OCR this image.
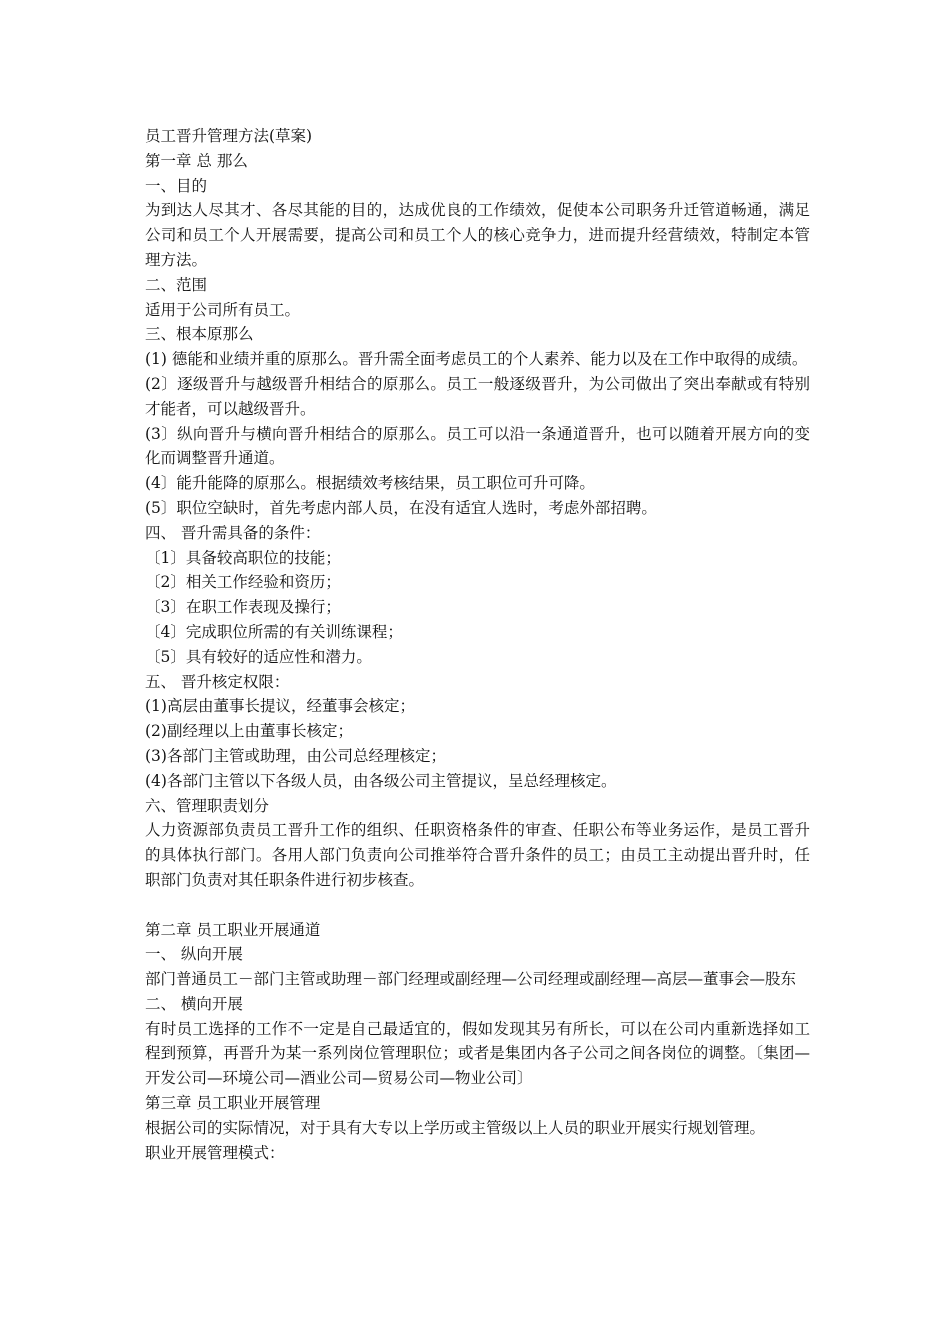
员工晋升管理方法(草案)
第一章 总 那么
一、目的
为到达人尽其才、各尽其能的目的，达成优良的工作绩效，促使本公司职务升迁管道畅通，满足公司和员工个人开展需要，提高公司和员工个人的核心竞争力，进而提升经营绩效，特制定本管理方法。
二、范围
适用于公司所有员工。
三、根本原那么
(1) 德能和业绩并重的原那么。晋升需全面考虑员工的个人素养、能力以及在工作中取得的成绩。
(2〕逐级晋升与越级晋升相结合的原那么。员工一般逐级晋升，为公司做出了突出奉献或有特别才能者，可以越级晋升。
(3〕纵向晋升与横向晋升相结合的原那么。员工可以沿一条通道晋升，也可以随着开展方向的变化而调整晋升通道。
(4〕能升能降的原那么。根据绩效考核结果，员工职位可升可降。
(5〕职位空缺时，首先考虑内部人员，在没有适宜人选时，考虑外部招聘。
四、 晋升需具备的条件：
〔1〕具备较高职位的技能；
〔2〕相关工作经验和资历；
〔3〕在职工作表现及操行；
〔4〕完成职位所需的有关训练课程；
〔5〕具有较好的适应性和潜力。
五、 晋升核定权限：
(1)高层由董事长提议，经董事会核定；
(2)副经理以上由董事长核定；
(3)各部门主管或助理，由公司总经理核定；
(4)各部门主管以下各级人员，由各级公司主管提议，呈总经理核定。
六、管理职责划分
人力资源部负责员工晋升工作的组织、任职资格条件的审查、任职公布等业务运作，是员工晋升的具体执行部门。各用人部门负责向公司推举符合晋升条件的员工；由员工主动提出晋升时，任职部门负责对其任职条件进行初步核查。
第二章 员工职业开展通道
一、 纵向开展
部门普通员工－部门主管或助理－部门经理或副经理—公司经理或副经理—高层—董事会—股东
二、 横向开展
有时员工选择的工作不一定是自己最适宜的，假如发现其另有所长，可以在公司内重新选择如工程到预算，再晋升为某一系列岗位管理职位；或者是集团内各子公司之间各岗位的调整。〔集团—开发公司—环境公司—酒业公司—贸易公司—物业公司〕
第三章 员工职业开展管理
根据公司的实际情况，对于具有大专以上学历或主管级以上人员的职业开展实行规划管理。
职业开展管理模式：
